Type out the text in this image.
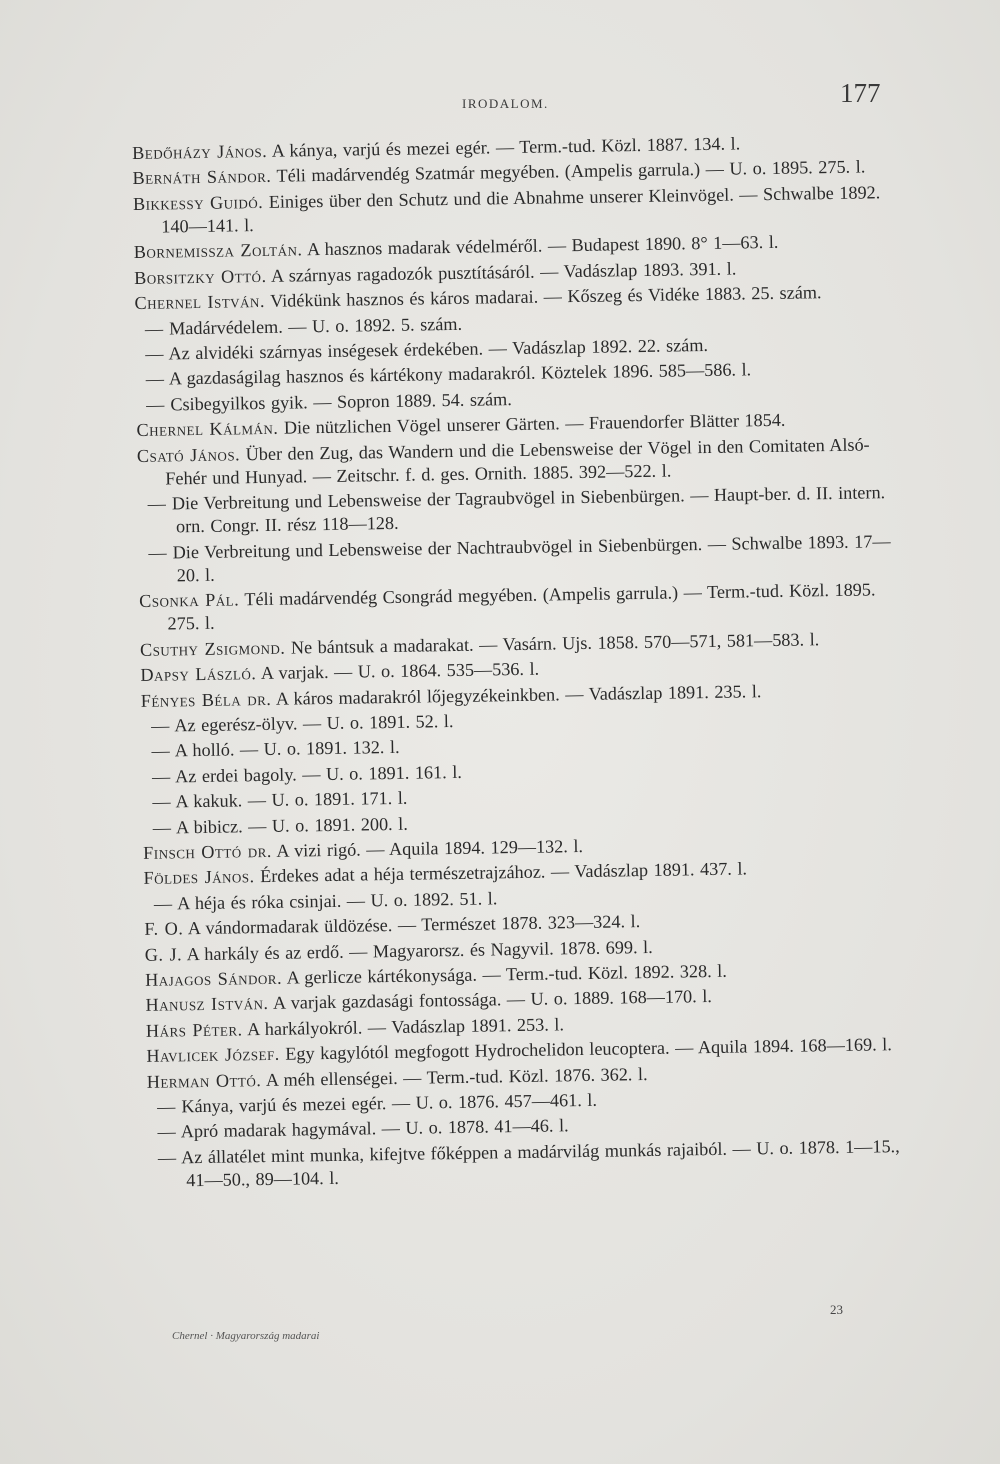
IRODALOM.	177
Bedőházy János. A kánya, varjú és mezei egér. — Term.-tud. Közl. 1887. 134. l.
Bernáth Sándor. Téli madárvendég Szatmár megyében. (Ampelis garrula.) — U. o. 1895. 275. l.
Bikkessy Guidó. Einiges über den Schutz und die Abnahme unserer Kleinvögel. — Schwalbe 1892. 140—141. l.
Bornemissza Zoltán. A hasznos madarak védelméről. — Budapest 1890. 8° 1—63. l.
Borsitzky Ottó. A szárnyas ragadozók pusztításáról. — Vadászlap 1893. 391. l.
Chernel István. Vidékünk hasznos és káros madarai. — Kőszeg és Vidéke 1883. 25. szám.
— Madárvédelem. — U. o. 1892. 5. szám.
— Az alvidéki szárnyas inségesek érdekében. — Vadászlap 1892. 22. szám.
— A gazdaságilag hasznos és kártékony madarakról. Köztelek 1896. 585—586. l.
— Csibegyilkos gyik. — Sopron 1889. 54. szám.
Chernel Kálmán. Die nützlichen Vögel unserer Gärten. — Frauendorfer Blätter 1854.
Csató János. Über den Zug, das Wandern und die Lebensweise der Vögel in den Comitaten Alsó-Fehér und Hunyad. — Zeitschr. f. d. ges. Ornith. 1885. 392—522. l.
— Die Verbreitung und Lebensweise der Tagraubvögel in Siebenbürgen. — Haupt-ber. d. II. intern. orn. Congr. II. rész 118—128.
— Die Verbreitung und Lebensweise der Nachtraubvögel in Siebenbürgen. — Schwalbe 1893. 17—20. l.
Csonka Pál. Téli madárvendég Csongrád megyében. (Ampelis garrula.) — Term.-tud. Közl. 1895. 275. l.
Csuthy Zsigmond. Ne bántsuk a madarakat. — Vasárn. Ujs. 1858. 570—571, 581—583. l.
Dapsy László. A varjak. — U. o. 1864. 535—536. l.
Fényes Béla dr. A káros madarakról lőjegyzékeinkben. — Vadászlap 1891. 235. l.
— Az egerész-ölyv. — U. o. 1891. 52. l.
— A holló. — U. o. 1891. 132. l.
— Az erdei bagoly. — U. o. 1891. 161. l.
— A kakuk. — U. o. 1891. 171. l.
— A bibicz. — U. o. 1891. 200. l.
Finsch Ottó dr. A vizi rigó. — Aquila 1894. 129—132. l.
Földes János. Érdekes adat a héja természetrajzához. — Vadászlap 1891. 437. l.
— A héja és róka csinjai. — U. o. 1892. 51. l.
F. O. A vándormadarak üldözése. — Természet 1878. 323—324. l.
G. J. A harkály és az erdő. — Magyarorsz. és Nagyvil. 1878. 699. l.
Hajagos Sándor. A gerlicze kártékonysága. — Term.-tud. Közl. 1892. 328. l.
Hanusz István. A varjak gazdasági fontossága. — U. o. 1889. 168—170. l.
Hárs Péter. A harkályokról. — Vadászlap 1891. 253. l.
Havlicek József. Egy kagylótól megfogott Hydrochelidon leucoptera. — Aquila 1894. 168—169. l.
Herman Ottó. A méh ellenségei. — Term.-tud. Közl. 1876. 362. l.
— Kánya, varjú és mezei egér. — U. o. 1876. 457—461. l.
— Apró madarak hagymával. — U. o. 1878. 41—46. l.
— Az állatélet mint munka, kifejtve főképpen a madárvilág munkás rajaiból. — U. o. 1878. 1—15., 41—50., 89—104. l.
23
Chernel · Magyarország madarai
